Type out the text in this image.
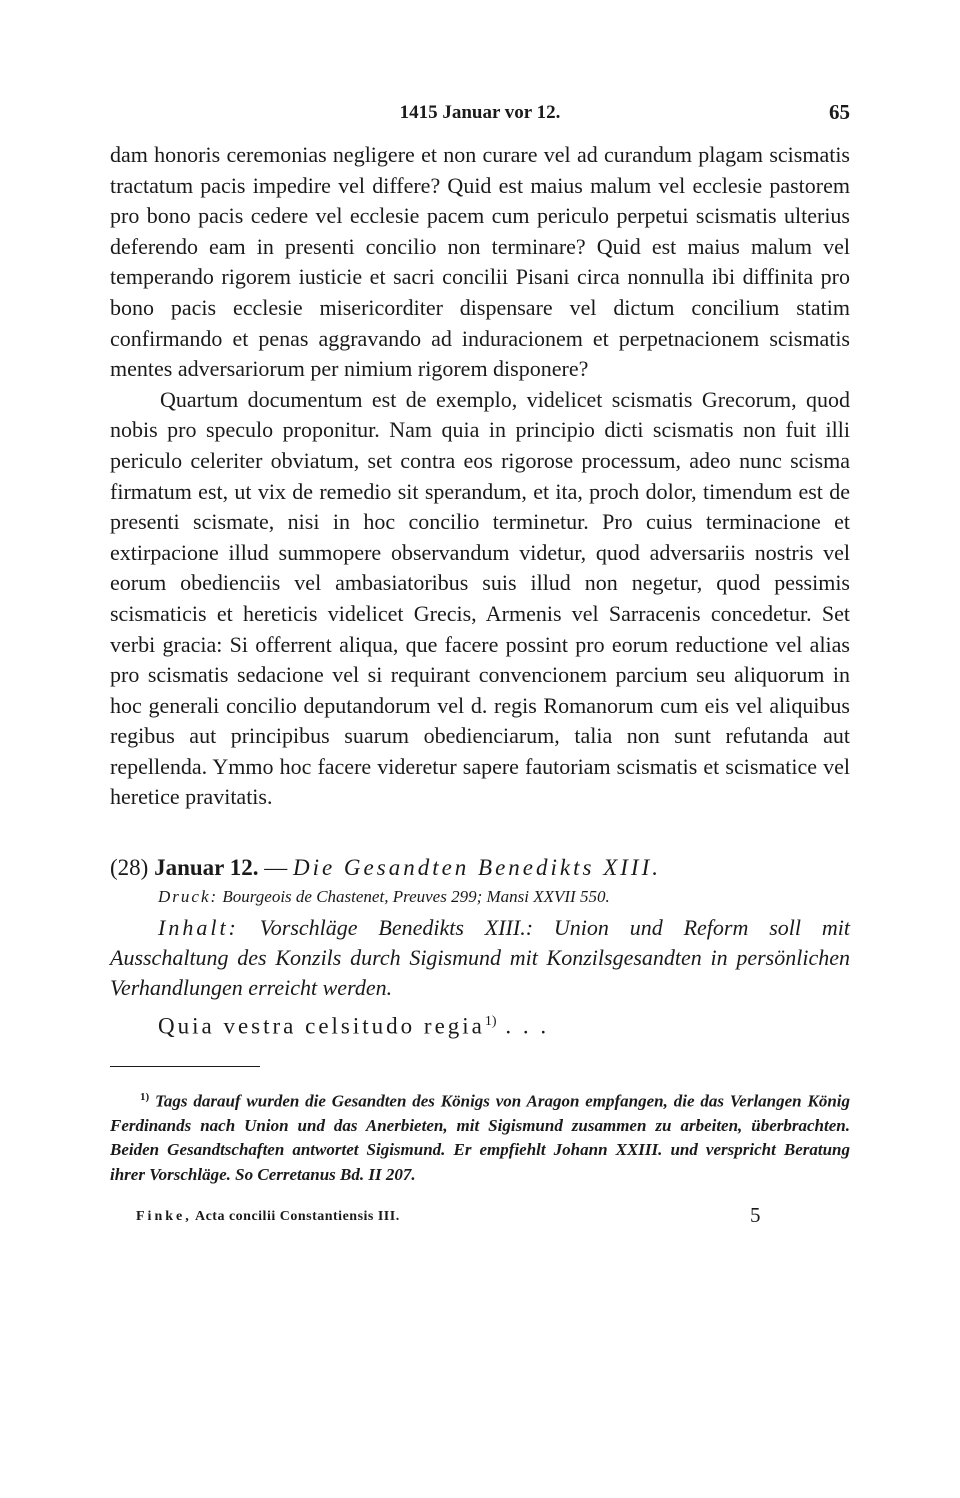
1415 Januar vor 12.	65

dam honoris ceremonias negligere et non curare vel ad curandum plagam scismatis tractatum pacis impedire vel differe? Quid est maius malum vel ecclesie pastorem pro bono pacis cedere vel ecclesie pacem cum periculo perpetui scismatis ulterius deferendo eam in presenti concilio non terminare? Quid est maius malum vel temperando rigorem iusticie et sacri concilii Pisani circa nonnulla ibi diffinita pro bono pacis ecclesie misericorditer dispensare vel dictum concilium statim confirmando et penas aggravando ad induracionem et perpetnacionem scismatis mentes adversariorum per nimium rigorem disponere?

Quartum documentum est de exemplo, videlicet scismatis Grecorum, quod nobis pro speculo proponitur. Nam quia in principio dicti scismatis non fuit illi periculo celeriter obviatum, set contra eos rigorose processum, adeo nunc scisma firmatum est, ut vix de remedio sit sperandum, et ita, proch dolor, timendum est de presenti scismate, nisi in hoc concilio terminetur. Pro cuius terminacione et extirpacione illud summopere observandum videtur, quod adversariis nostris vel eorum obedienciis vel ambasiatoribus suis illud non negetur, quod pessimis scismaticis et hereticis videlicet Grecis, Armenis vel Sarracenis concedetur. Set verbi gracia: Si offerrent aliqua, que facere possint pro eorum reductione vel alias pro scismatis sedacione vel si requirant convencionem parcium seu aliquorum in hoc generali concilio deputandorum vel d. regis Romanorum cum eis vel aliquibus regibus aut principibus suarum obedienciarum, talia non sunt refutanda aut repellenda. Ymmo hoc facere videretur sapere fautoriam scismatis et scismatice vel heretice pravitatis.

(28) Januar 12. — Die Gesandten Benedikts XIII.
Druck: Bourgeois de Chastenet, Preuves 299; Mansi XXVII 550.
Inhalt: Vorschläge Benedikts XIII.: Union und Reform soll mit Ausschaltung des Konzils durch Sigismund mit Konzilsgesandten in persönlichen Verhandlungen erreicht werden.
Quia vestra celsitudo regia$^{1)}$ . . .
$^{1)}$ Tags darauf wurden die Gesandten des Königs von Aragon empfangen, die das Verlangen König Ferdinands nach Union und das Anerbieten, mit Sigismund zusammen zu arbeiten, überbrachten. Beiden Gesandtschaften antwortet Sigismund. Er empfiehlt Johann XXIII. und verspricht Beratung ihrer Vorschläge. So Cerretanus Bd. II 207.
Finke, Acta concilii Constantiensis III.	5
